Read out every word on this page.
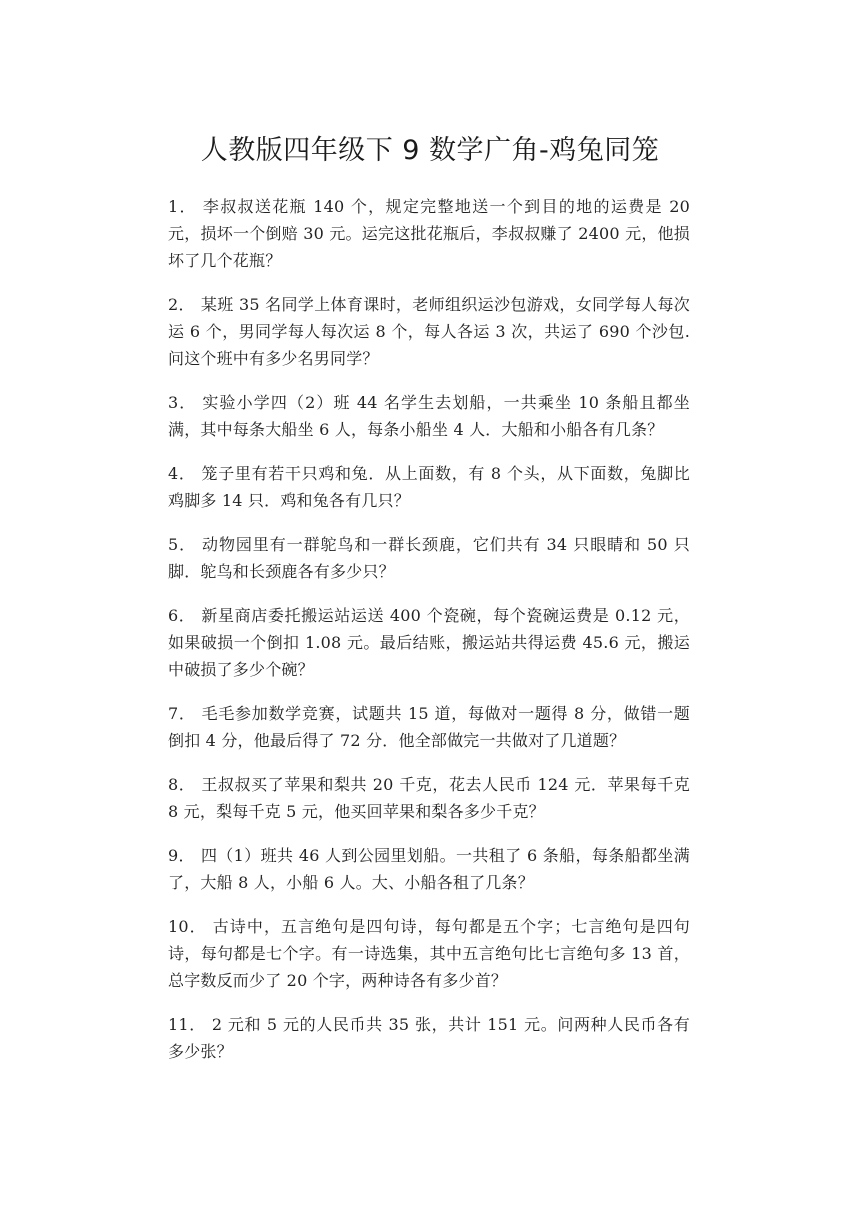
人教版四年级下 9 数学广角-鸡兔同笼
1． 李叔叔送花瓶 140 个，规定完整地送一个到目的地的运费是 20 元，损坏一个倒赔 30 元。运完这批花瓶后，李叔叔赚了 2400 元，他损坏了几个花瓶？
2． 某班 35 名同学上体育课时，老师组织运沙包游戏，女同学每人每次运 6 个，男同学每人每次运 8 个，每人各运 3 次，共运了 690 个沙包.问这个班中有多少名男同学？
3． 实验小学四（2）班 44 名学生去划船，一共乘坐 10 条船且都坐满，其中每条大船坐 6 人，每条小船坐 4 人．大船和小船各有几条？
4． 笼子里有若干只鸡和兔．从上面数，有 8 个头，从下面数，兔脚比鸡脚多 14 只．鸡和兔各有几只？
5． 动物园里有一群鸵鸟和一群长颈鹿，它们共有 34 只眼睛和 50 只脚．鸵鸟和长颈鹿各有多少只？
6． 新星商店委托搬运站运送 400 个瓷碗，每个瓷碗运费是 0.12 元，如果破损一个倒扣 1.08 元。最后结账，搬运站共得运费 45.6 元，搬运中破损了多少个碗？
7． 毛毛参加数学竞赛，试题共 15 道，每做对一题得 8 分，做错一题倒扣 4 分，他最后得了 72 分．他全部做完一共做对了几道题？
8． 王叔叔买了苹果和梨共 20 千克，花去人民币 124 元．苹果每千克 8 元，梨每千克 5 元，他买回苹果和梨各多少千克？
9． 四（1）班共 46 人到公园里划船。一共租了 6 条船，每条船都坐满了，大船 8 人，小船 6 人。大、小船各租了几条？
10． 古诗中，五言绝句是四句诗，每句都是五个字；七言绝句是四句诗，每句都是七个字。有一诗选集，其中五言绝句比七言绝句多 13 首，总字数反而少了 20 个字，两种诗各有多少首？
11． 2 元和 5 元的人民币共 35 张，共计 151 元。问两种人民币各有多少张？
